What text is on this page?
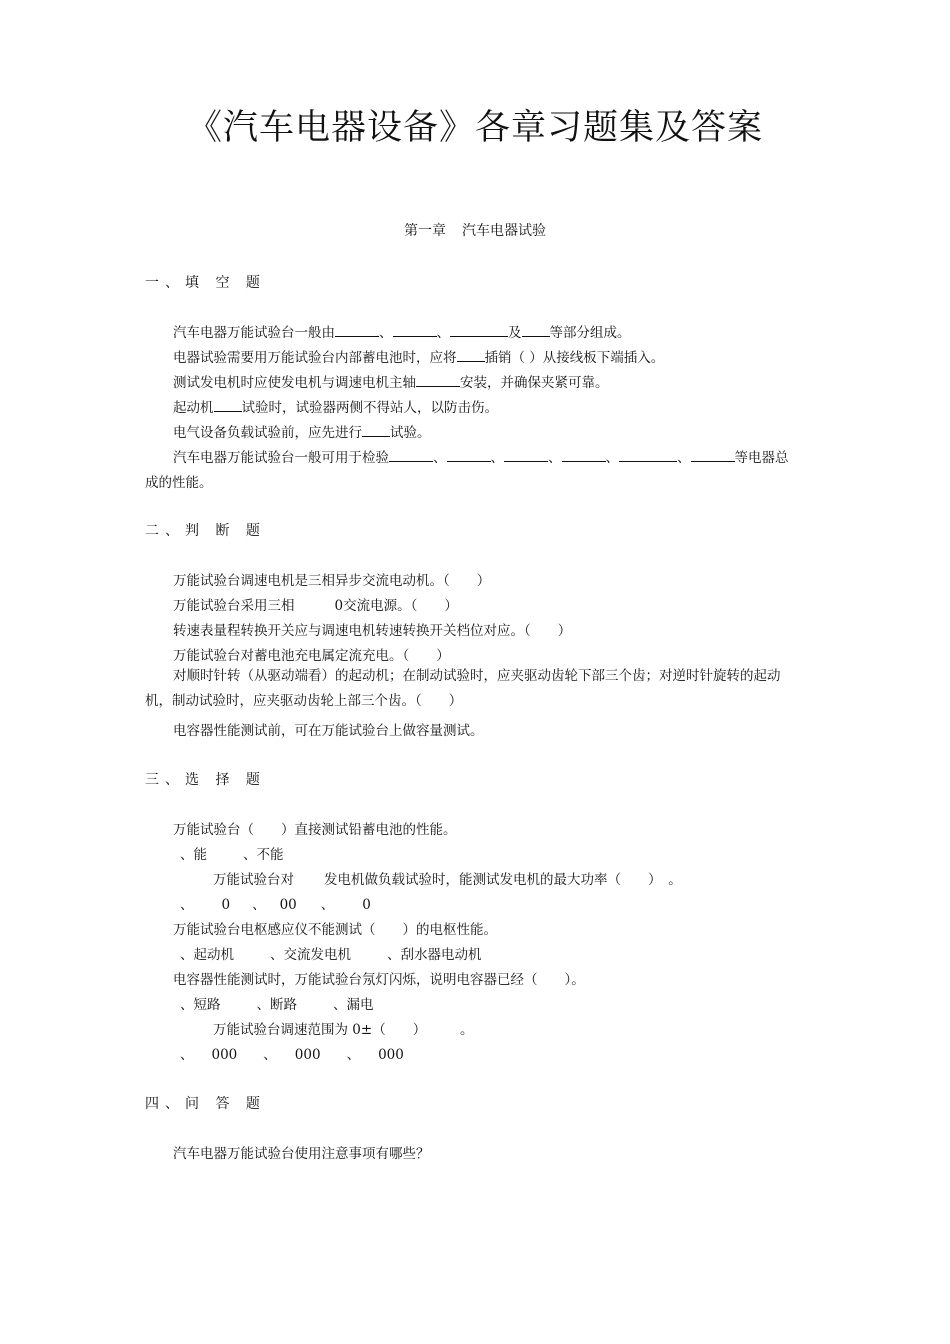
《汽车电器设备》各章习题集及答案
第一章 汽车电器试验
一、填 空 题
汽车电器万能试验台一般由	、	、	及 等部分组成。
电器试验需要用万能试验台内部蓄电池时，应将 插销（ ）从接线板下端插入。
测试发电机时应使发电机与调速电机主轴	安装，并确保夹紧可靠。
起动机 试验时，试验器两侧不得站人，以防击伤。
电气设备负载试验前，应先进行 试验。
汽车电器万能试验台一般可用于检验	、	、	、	、	、	等电器总
成的性能。
二、判 断 题
万能试验台调速电机是三相异步交流电动机。（　　）
万能试验台采用三相	0交流电源。（　　）
转速表量程转换开关应与调速电机转速转换开关档位对应。（　　）
万能试验台对蓄电池充电属定流充电。（　　）
对顺时针转（从驱动端看）的起动机；在制动试验时，应夹驱动齿轮下部三个齿；对逆时针旋转的起动机，制动试验时，应夹驱动齿轮上部三个齿。（　　）
电容器性能测试前，可在万能试验台上做容量测试。
三、选 择 题
万能试验台（　　）直接测试铅蓄电池的性能。
、能	、不能
万能试验台对 发电机做负载试验时，能测试发电机的最大功率（　　）　。
、 0 、 00 、 0
万能试验台电枢感应仪不能测试（　　）的电枢性能。
、起动机	、交流发电机	、刮水器电动机
电容器性能测试时，万能试验台氖灯闪烁，说明电容器已经（　　）。
、短路	、断路	、漏电
万能试验台调速范围为 0±（　　）　　　。
、 000 、 000 、 000
四、问 答 题
汽车电器万能试验台使用注意事项有哪些？
